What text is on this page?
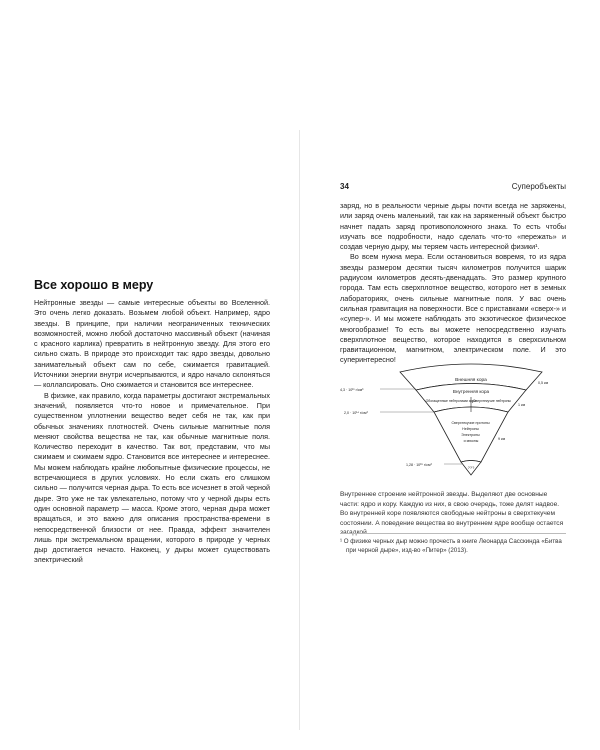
Все хорошо в меру

Нейтронные звезды — самые интересные объекты во Вселенной. Это очень легко доказать. Возьмем любой объект. Например, ядро звезды. В принципе, при наличии неограниченных технических возможностей, можно любой достаточно массивный объект (начиная с красного карлика) превратить в нейтронную звезду. Для этого его сильно сжать. В природе это происходит так: ядро звезды, довольно занимательный объект сам по себе, сжимается гравитацией. Источники энергии внутри исчерпываются, и ядро начало склоняться — коллапсировать. Оно сжимается и становится все интереснее.

В физике, как правило, когда параметры достигают экстремальных значений, появляется что-то новое и примечательное. При существенном уплотнении вещество ведет себя не так, как при обычных значениях плотностей. Очень сильные магнитные поля меняют свойства вещества не так, как обычные магнитные поля. Количество переходит в качество. Так вот, представим, что мы сжимаем и сжимаем ядро. Становится все интереснее и интереснее. Мы можем наблюдать крайне любопытные физические процессы, не встречающиеся в других условиях. Но если сжать его слишком сильно — получится черная дыра. То есть все исчезнет в этой черной дыре. Это уже не так увлекательно, потому что у черной дыры есть один основной параметр — масса. Кроме этого, черная дыра может вращаться, и это важно для описания пространства-времени в непосредственной близости от нее. Правда, эффект значителен лишь при экстремальном вращении, которого в природе у черных дыр достигается нечасто. Наконец, у дыры может существовать электрический

34	Суперобъекты

заряд, но в реальности черные дыры почти всегда не заряжены, или заряд очень маленький, так как на заряженный объект быстро начнет падать заряд противоположного знака. То есть чтобы изучать все подробности, надо сделать что-то «пережать» и создав черную дыру, мы теряем часть интересной физики¹.

Во всем нужна мера. Если остановиться вовремя, то из ядра звезды размером десятки тысяч километров получится шарик радиусом километров десять-двенадцать. Это размер крупного города. Там есть сверхплотное вещество, которого нет в земных лабораториях, очень сильные магнитные поля. У вас очень сильная гравитация на поверхности. Все с приставками «сверх-» и «супер-». И мы можете наблюдать это экзотическое физическое многообразие! То есть вы можете непосредственно изучать сверхплотное вещество, которое находится в сверхсильном гравитационном, магнитном, электрическом поле. И это суперинтересно!

Внешняя кора
Внутренняя кора
Обогащенные нейтронами ядра
Сверхтекучие нейтроны
Сверхтекучие протоны Нейтроны Электроны и мюоны
???
4,3 · 10¹¹ г/см³
2,0 · 10¹⁴ г/см³
1,28 · 10¹⁵ г/см³
0,5 км
1 км
9 км

Внутреннее строение нейтронной звезды. Выделяют две основные части: ядро и кору. Каждую из них, в свою очередь, тоже делят надвое. Во внутренней коре появляются свободные нейтроны в сверхтекучем состоянии. А поведение вещества во внутреннем ядре вообще остается загадкой.

¹ О физике черных дыр можно прочесть в книге Леонарда Сасскинда «Битва при черной дыре», изд-во «Питер» (2013).
